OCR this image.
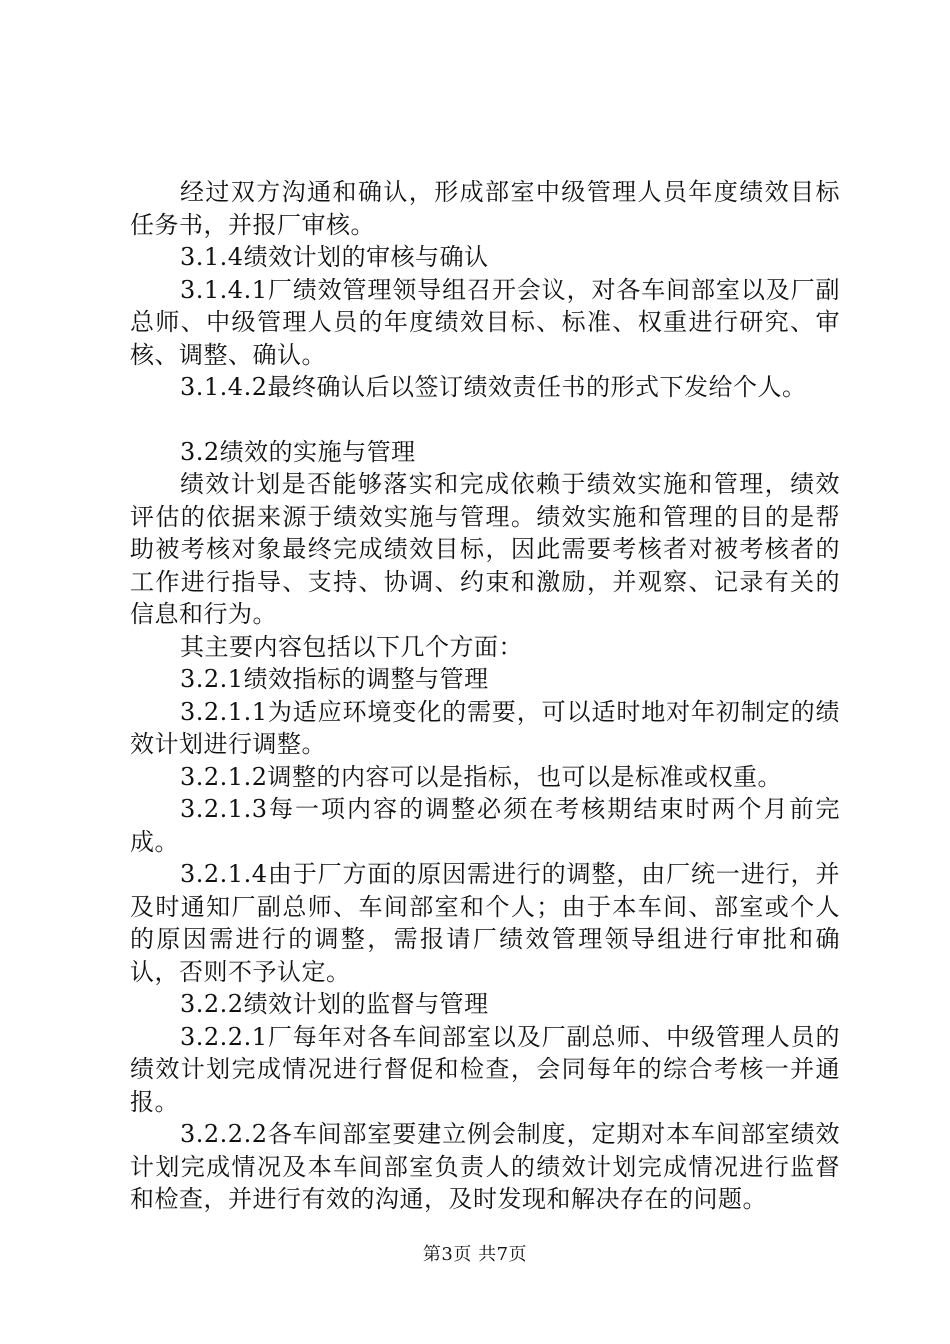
经过双方沟通和确认，形成部室中级管理人员年度绩效目标任务书，并报厂审核。

3.1.4绩效计划的审核与确认

3.1.4.1厂绩效管理领导组召开会议，对各车间部室以及厂副总师、中级管理人员的年度绩效目标、标准、权重进行研究、审核、调整、确认。

3.1.4.2最终确认后以签订绩效责任书的形式下发给个人。

3.2绩效的实施与管理

绩效计划是否能够落实和完成依赖于绩效实施和管理，绩效评估的依据来源于绩效实施与管理。绩效实施和管理的目的是帮助被考核对象最终完成绩效目标，因此需要考核者对被考核者的工作进行指导、支持、协调、约束和激励，并观察、记录有关的信息和行为。

其主要内容包括以下几个方面：

3.2.1绩效指标的调整与管理

3.2.1.1为适应环境变化的需要，可以适时地对年初制定的绩效计划进行调整。

3.2.1.2调整的内容可以是指标，也可以是标准或权重。

3.2.1.3每一项内容的调整必须在考核期结束时两个月前完成。

3.2.1.4由于厂方面的原因需进行的调整，由厂统一进行，并及时通知厂副总师、车间部室和个人；由于本车间、部室或个人的原因需进行的调整，需报请厂绩效管理领导组进行审批和确认，否则不予认定。

3.2.2绩效计划的监督与管理

3.2.2.1厂每年对各车间部室以及厂副总师、中级管理人员的绩效计划完成情况进行督促和检查，会同每年的综合考核一并通报。

3.2.2.2各车间部室要建立例会制度，定期对本车间部室绩效计划完成情况及本车间部室负责人的绩效计划完成情况进行监督和检查，并进行有效的沟通，及时发现和解决存在的问题。

第3页 共7页
